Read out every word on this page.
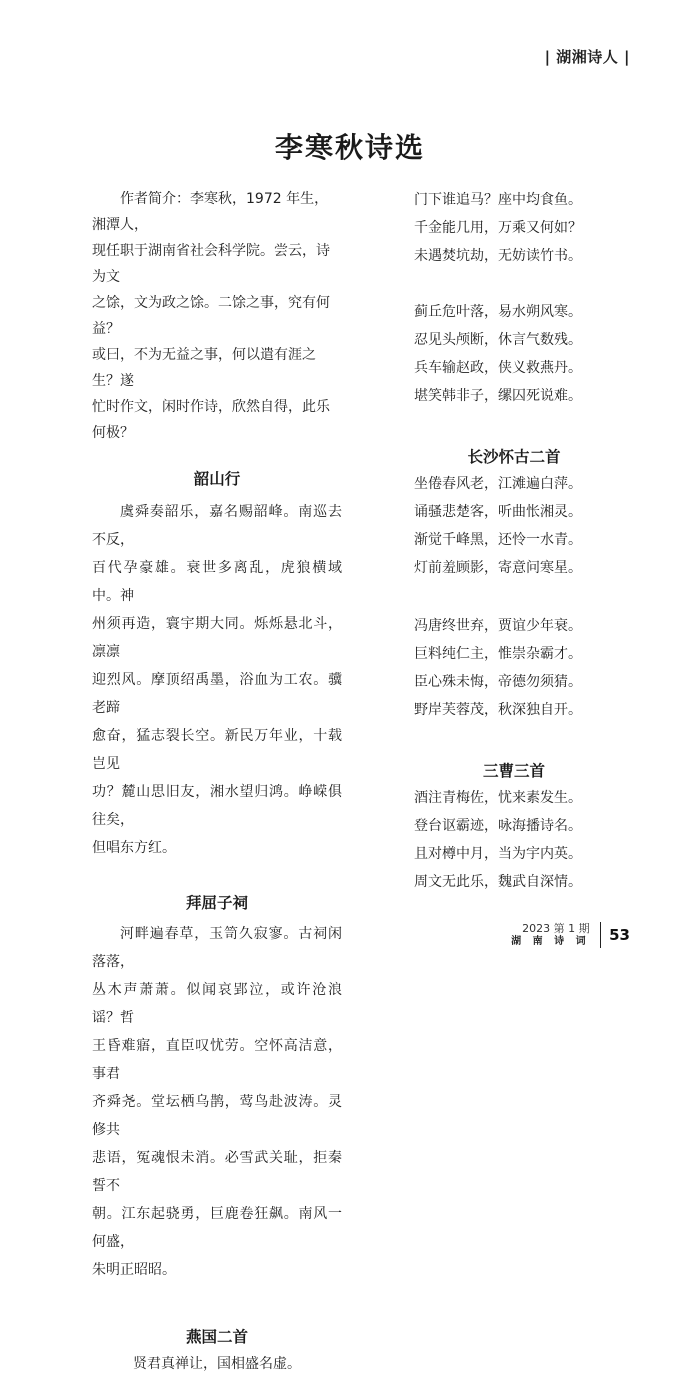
| 湖湘诗人 |
李寒秋诗选

作者简介：李寒秋，1972 年生，湘潭人，

现任职于湖南省社会科学院。尝云，诗为文

之馀，文为政之馀。二馀之事，究有何益？

或曰，不为无益之事，何以遣有涯之生？遂

忙时作文，闲时作诗，欣然自得，此乐何极？

韶山行

虞舜奏韶乐，嘉名赐韶峰。南巡去不反，

百代孕豪雄。衰世多离乱，虎狼横域中。神

州须再造，寰宇期大同。烁烁悬北斗，凛凛

迎烈风。摩顶绍禹墨，浴血为工农。骥老蹄

愈奋，猛志裂长空。新民万年业，十载岂见

功？麓山思旧友，湘水望归鸿。峥嵘俱往矣，

但唱东方红。

拜屈子祠

河畔遍春草，玉笥久寂寥。古祠闲落落，

丛木声萧萧。似闻哀郢泣，或许沧浪谣？哲

王昏难寤，直臣叹忧劳。空怀高洁意，事君

齐舜尧。堂坛栖乌鹊，莺鸟赴波涛。灵修共

悲语，冤魂恨未消。必雪武关耻，拒秦誓不

朝。江东起骁勇，巨鹿卷狂飙。南风一何盛，

朱明正昭昭。

燕国二首

贤君真禅让，国相盛名虚。

门下谁追马？座中均食鱼。

千金能几用，万乘又何如？

未遇焚坑劫，无妨读竹书。

蓟丘危叶落，易水朔风寒。

忍见头颅断，休言气数残。

兵车输赵政，侠义救燕丹。

堪笑韩非子，缧囚死说难。

长沙怀古二首

坐倦春风老，江滩遍白萍。

诵骚悲楚客，听曲怅湘灵。

渐觉千峰黑，还怜一水青。

灯前羞顾影，寄意问寒星。

冯唐终世弃，贾谊少年衰。

巨料纯仁主，惟崇杂霸才。

臣心殊未悔，帝德勿须猜。

野岸芙蓉茂，秋深独自开。

三曹三首

酒注青梅佐，忧来素发生。

登台讴霸迹，咏海播诗名。

且对樽中月，当为宇内英。

周文无此乐，魏武自深情。

2023 第 1 期
湖 南 诗 词 53
